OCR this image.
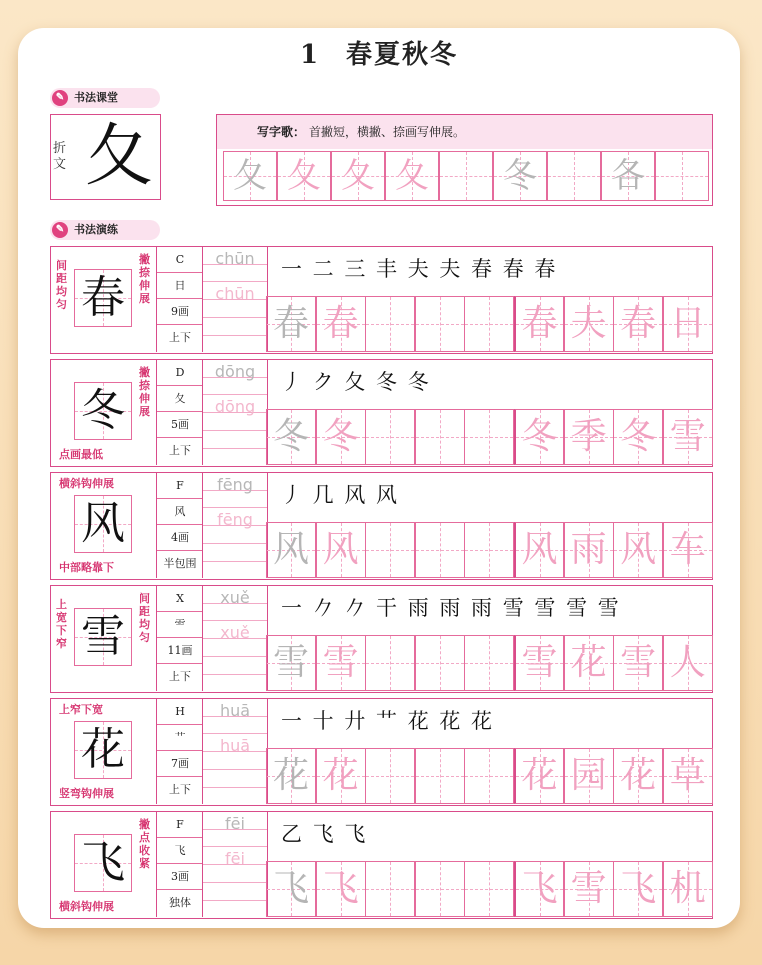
1 春夏秋冬
✎ 书法课堂
折文 夂	写字歌： 首撇短，横撇、捺画写伸展。
夂 夂 夂 夂 冬 各
✎ 书法演练
春
间距均匀
撇捺伸展
C
日
9画
上下
chūn
chūn
一 二 三 丰 夫 夫 春 春 春
春 春	春 夫 春 日
冬
撇捺伸展
点画最低
D
夂
5画
上下
dōng
dōng
丿 ク 夂 冬 冬
冬 冬	冬 季 冬 雪
风
横斜钩伸展
中部略靠下
F
风
4画
半包围
fēng
fēng
丿 几 风 风
风 风	风 雨 风 车
雪
上宽下窄
间距均匀
X
⻗
11画
上下
xuě
xuě
一 𠂊 𠂊 干 雨 雨 雨 雪 雪 雪 雪
雪 雪	雪 花 雪 人
花
上窄下宽
竖弯钩伸展
H
艹
7画
上下
huā
huā
一 十 廾 艹 花 花 花
花 花	花 园 花 草
飞
撇点收紧
横斜钩伸展
F
飞
3画
独体
fēi
fēi
乙 飞 飞
飞 飞	飞 雪 飞 机
